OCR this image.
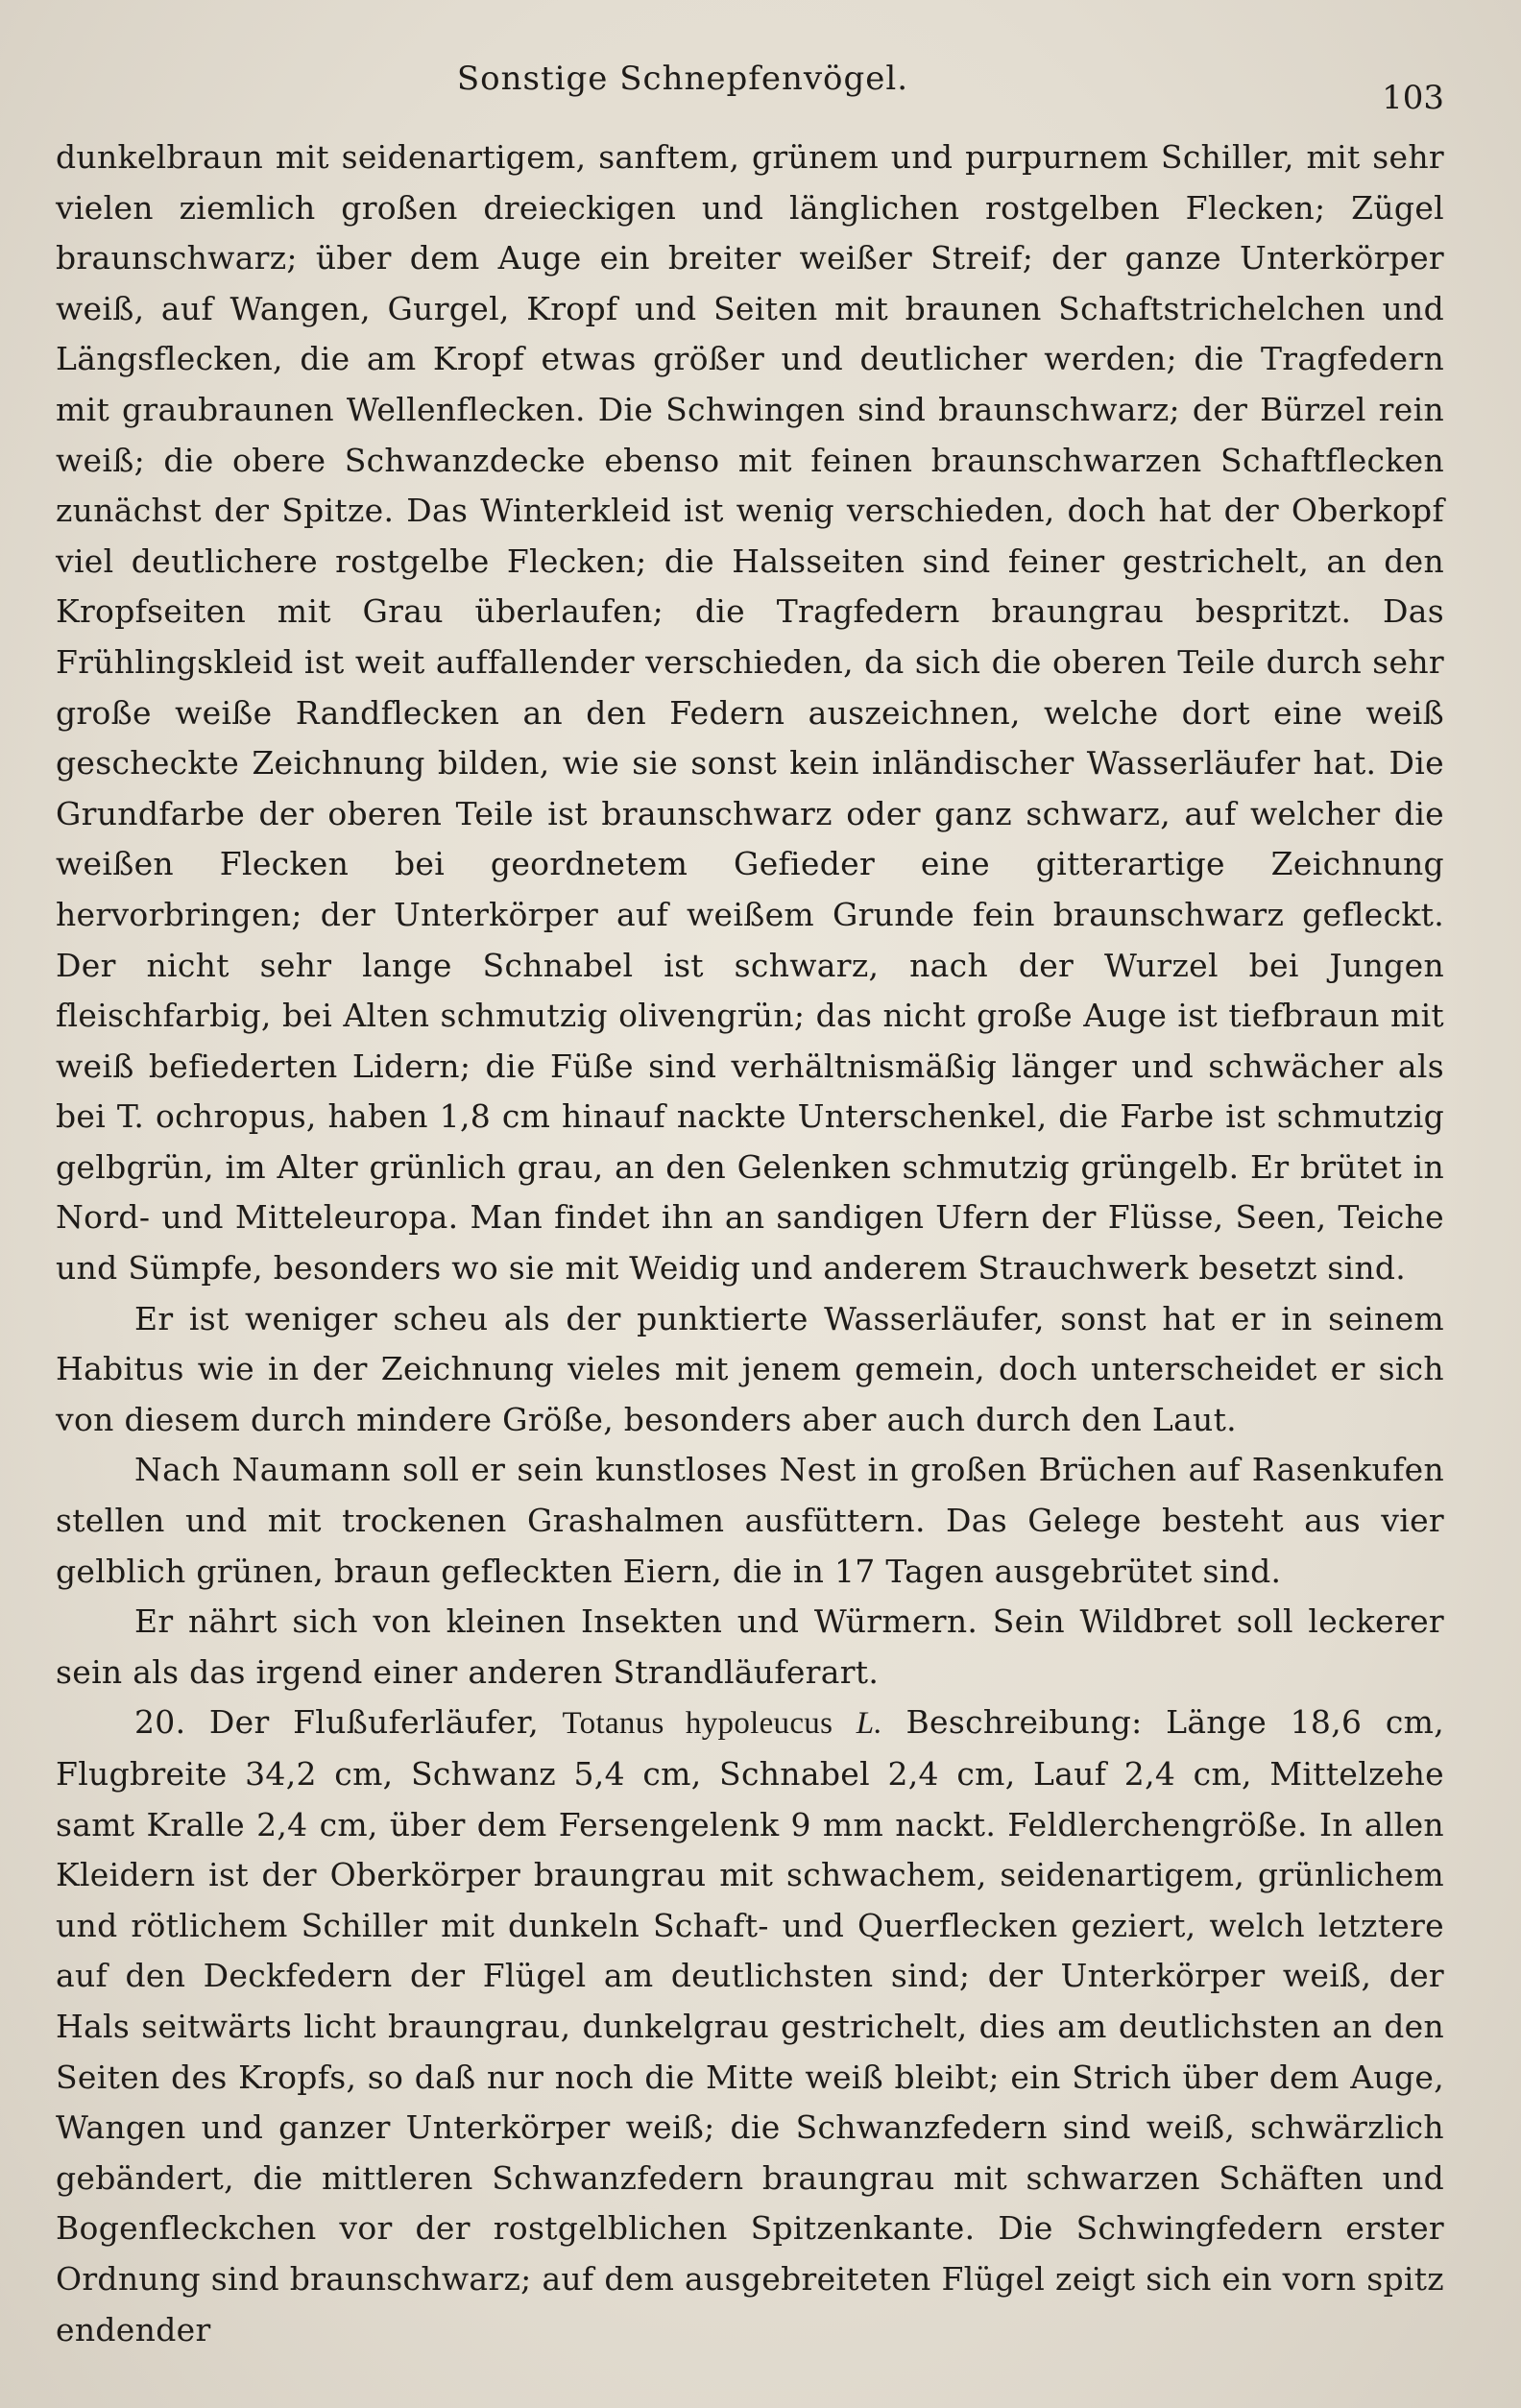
Sonstige Schnepfenvögel.	103

dunkelbraun mit seidenartigem, sanftem, grünem und purpurnem Schiller, mit sehr vielen ziemlich großen dreieckigen und länglichen rostgelben Flecken; Zügel braunschwarz; über dem Auge ein breiter weißer Streif; der ganze Unterkörper weiß, auf Wangen, Gurgel, Kropf und Seiten mit braunen Schaftstrichelchen und Längsflecken, die am Kropf etwas größer und deutlicher werden; die Tragfedern mit graubraunen Wellenflecken. Die Schwingen sind braunschwarz; der Bürzel rein weiß; die obere Schwanzdecke ebenso mit feinen braunschwarzen Schaftflecken zunächst der Spitze. Das Winterkleid ist wenig verschieden, doch hat der Oberkopf viel deutlichere rostgelbe Flecken; die Halsseiten sind feiner gestrichelt, an den Kropfseiten mit Grau überlaufen; die Tragfedern braungrau bespritzt. Das Frühlingskleid ist weit auffallender verschieden, da sich die oberen Teile durch sehr große weiße Randflecken an den Federn auszeichnen, welche dort eine weiß gescheckte Zeichnung bilden, wie sie sonst kein inländischer Wasserläufer hat. Die Grundfarbe der oberen Teile ist braunschwarz oder ganz schwarz, auf welcher die weißen Flecken bei geordnetem Gefieder eine gitterartige Zeichnung hervorbringen; der Unterkörper auf weißem Grunde fein braunschwarz gefleckt. Der nicht sehr lange Schnabel ist schwarz, nach der Wurzel bei Jungen fleischfarbig, bei Alten schmutzig olivengrün; das nicht große Auge ist tiefbraun mit weiß befiederten Lidern; die Füße sind verhältnismäßig länger und schwächer als bei T. ochropus, haben 1,8 cm hinauf nackte Unterschenkel, die Farbe ist schmutzig gelbgrün, im Alter grünlich grau, an den Gelenken schmutzig grüngelb. Er brütet in Nord- und Mitteleuropa. Man findet ihn an sandigen Ufern der Flüsse, Seen, Teiche und Sümpfe, besonders wo sie mit Weidig und anderem Strauchwerk besetzt sind.

Er ist weniger scheu als der punktierte Wasserläufer, sonst hat er in seinem Habitus wie in der Zeichnung vieles mit jenem gemein, doch unterscheidet er sich von diesem durch mindere Größe, besonders aber auch durch den Laut.

Nach Naumann soll er sein kunstloses Nest in großen Brüchen auf Rasenkufen stellen und mit trockenen Grashalmen ausfüttern. Das Gelege besteht aus vier gelblich grünen, braun gefleckten Eiern, die in 17 Tagen ausgebrütet sind.

Er nährt sich von kleinen Insekten und Würmern. Sein Wildbret soll leckerer sein als das irgend einer anderen Strandläuferart.

20. Der Flußuferläufer, Totanus hypoleucus L. Beschreibung: Länge 18,6 cm, Flugbreite 34,2 cm, Schwanz 5,4 cm, Schnabel 2,4 cm, Lauf 2,4 cm, Mittelzehe samt Kralle 2,4 cm, über dem Fersengelenk 9 mm nackt. Feldlerchengröße. In allen Kleidern ist der Oberkörper braungrau mit schwachem, seidenartigem, grünlichem und rötlichem Schiller mit dunkeln Schaft- und Querflecken geziert, welch letztere auf den Deckfedern der Flügel am deutlichsten sind; der Unterkörper weiß, der Hals seitwärts licht braungrau, dunkelgrau gestrichelt, dies am deutlichsten an den Seiten des Kropfs, so daß nur noch die Mitte weiß bleibt; ein Strich über dem Auge, Wangen und ganzer Unterkörper weiß; die Schwanzfedern sind weiß, schwärzlich gebändert, die mittleren Schwanzfedern braungrau mit schwarzen Schäften und Bogenfleckchen vor der rostgelblichen Spitzenkante. Die Schwingfedern erster Ordnung sind braunschwarz; auf dem ausgebreiteten Flügel zeigt sich ein vorn spitz endender
